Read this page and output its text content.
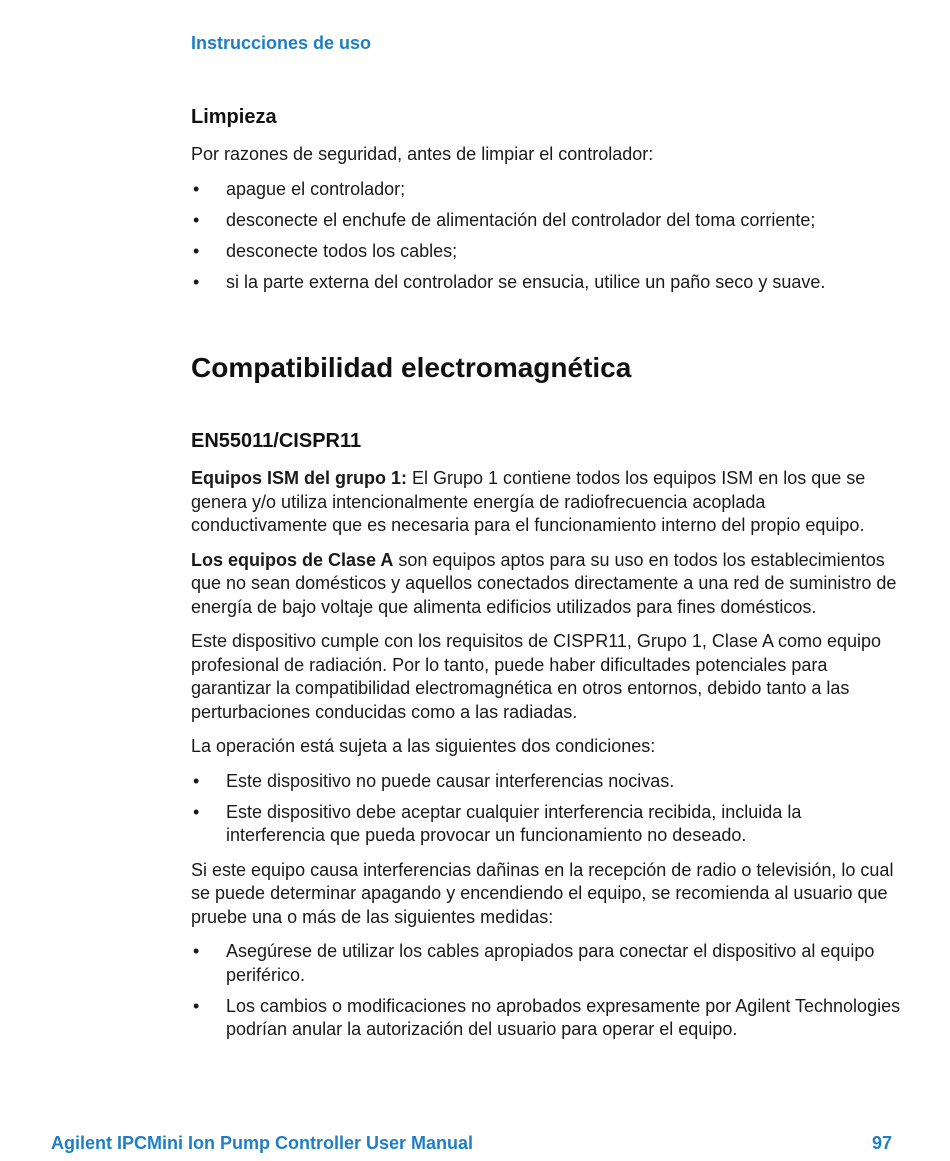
Instrucciones de uso
Limpieza

Por razones de seguridad, antes de limpiar el controlador:

• apague el controlador;
• desconecte el enchufe de alimentación del controlador del toma corriente;
• desconecte todos los cables;
• si la parte externa del controlador se ensucia, utilice un paño seco y suave.
Compatibilidad electromagnética
EN55011/CISPR11

Equipos ISM del grupo 1: El Grupo 1 contiene todos los equipos ISM en los que se genera y/o utiliza intencionalmente energía de radiofrecuencia acoplada conductivamente que es necesaria para el funcionamiento interno del propio equipo.

Los equipos de Clase A son equipos aptos para su uso en todos los establecimientos que no sean domésticos y aquellos conectados directamente a una red de suministro de energía de bajo voltaje que alimenta edificios utilizados para fines domésticos.

Este dispositivo cumple con los requisitos de CISPR11, Grupo 1, Clase A como equipo profesional de radiación. Por lo tanto, puede haber dificultades potenciales para garantizar la compatibilidad electromagnética en otros entornos, debido tanto a las perturbaciones conducidas como a las radiadas.

La operación está sujeta a las siguientes dos condiciones:

• Este dispositivo no puede causar interferencias nocivas.
• Este dispositivo debe aceptar cualquier interferencia recibida, incluida la interferencia que pueda provocar un funcionamiento no deseado.

Si este equipo causa interferencias dañinas en la recepción de radio o televisión, lo cual se puede determinar apagando y encendiendo el equipo, se recomienda al usuario que pruebe una o más de las siguientes medidas:

• Asegúrese de utilizar los cables apropiados para conectar el dispositivo al equipo periférico.
• Los cambios o modificaciones no aprobados expresamente por Agilent Technologies podrían anular la autorización del usuario para operar el equipo.
Agilent IPCMini Ion Pump Controller User Manual	97
